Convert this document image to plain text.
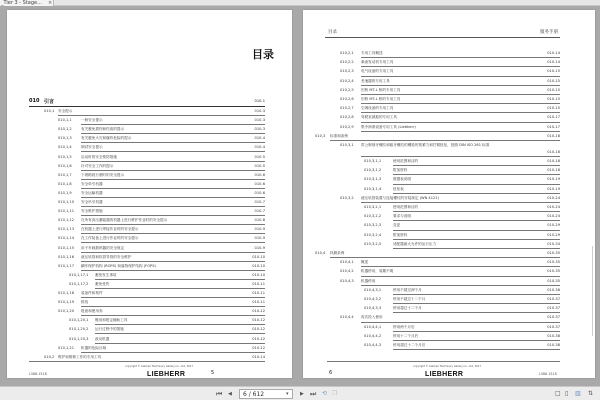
_Tier 3 - Stage...	×
目录
010 引言	010-1
010,1 安全提示	010-3
010,1,1	一般安全提示	010-3
010,1,2	有关避免损伤和伤害的提示	010-3
010,1,3	有关避免火灾和爆炸危险的提示	010-4
010,1,4	调试安全提示	010-4
010,1,5	启动时的安全预防措施	010-5
010,1,6	针对安全工作的提示	010-5
010,1,7	下坡路段行驶时的安全提示	010-6
010,1,8	安全牵引机器	010-6
010,1,9	安全运输机器	010-6
010,1,10 安全吊引机器	010-7
010,1,11 安全维护措施	010-7
010,1,12 在所有高压蓄能器的机器上进行维护作业时的安全提示	010-8
010,1,13 在机器上进行焊接作业时的安全提示	010-9
010,1,14 在工作装备上进行作业时的安全提示	010-9
010,1,15 用于车载数码器的安全规定	010-9
010,1,16 液压软管和软管导管的安全维护	010-10
010,1,17 翻车保护机构 (ROPS) 和落物保护结构 (FOPS)	010-10
010,1,17,1 避免发生事故	010-10
010,1,17,2 避免受伤	010-11
010,1,18 装备件和构件	010-11
010,1,19 排放	010-11
010,1,20 报废和使用寿	010-12
010,1,20,1 搬用和报定辅助工具	010-12
010,1,20,2 运行过程中的措施	010-12
010,1,20,3 改动机器	010-12
010,1,21 机器的危险区域	010-12
010,2 维护和维修工作的专用工具	010-14
L586-1518
copyright © Liebherr Machinery Gallery Co., Ltd. 2017
LIEBHERR	5
目录	服务手册
010,2,1 专用工具概述	010-14
010,2,2 柴油发动机专用工具	010-14
010,2,3 电气设备的专用工具	010-15
010,2,4 差速器的专用工具	010-15
010,2,5 旧桥 MT-L 桥的专用工具	010-15
010,2,6 旧桥 MT-L 桥的专用工具	010-15
010,2,7 空调设备的专用工具	010-15
010,2,8 驾驶室减振的专用工具	010-17
010,2,9 集中润滑设备专用工具 (Liebherr)	010-17
010,3 标准和条例	010-18
010,3,1 带公制细牙螺纹和粗牙螺纹的螺栓的预紧力和拧紧扭矩，按照 DIN ISO 261 标准
010-18
010,3,1,1	使用范围和目的	010-18
010,3,1,2	附加资料	010-18
010,3,1,3	数据表说明	010-19
010,3,1,4	扭矩表	010-19
010,3,2 液压软管装置与连接螺纹的安装规定 (WN 4121)	010-24
010,3,2,1	使用范围和目的	010-24
010,3,2,2	要求与说明	010-24
010,3,2,3	变更	010-29
010,3,2,4	附加资料	010-29
010,3,2,5	适配器最大允许的运行压力	010-34
010,4 执勤条例	010-35
010,4,1 概述	010-35
010,4,2 机器停用，周期不明	010-35
010,4,3 机器停用	010-35
010,4,3,1	停用不超过两个月	010-36
010,4,3,2	停用不超过十二个月	010-37
010,4,3,3	停用超过十二个月	010-37
010,4,4 再次投入使用	010-37
010,4,4,1	停用两个月后	010-37
010,4,4,2	停用十二个月后	010-38
010,4,4,3	停用超过十二个月后	010-38
6
copyright © Liebherr Machinery Gallery Co., Ltd. 2017
LIEBHERR	L586-1518
⏮ ◀	6 / 612	▾ ▶ ⏭ ⟲ ❐	□ ▯ ▥ ⇅
